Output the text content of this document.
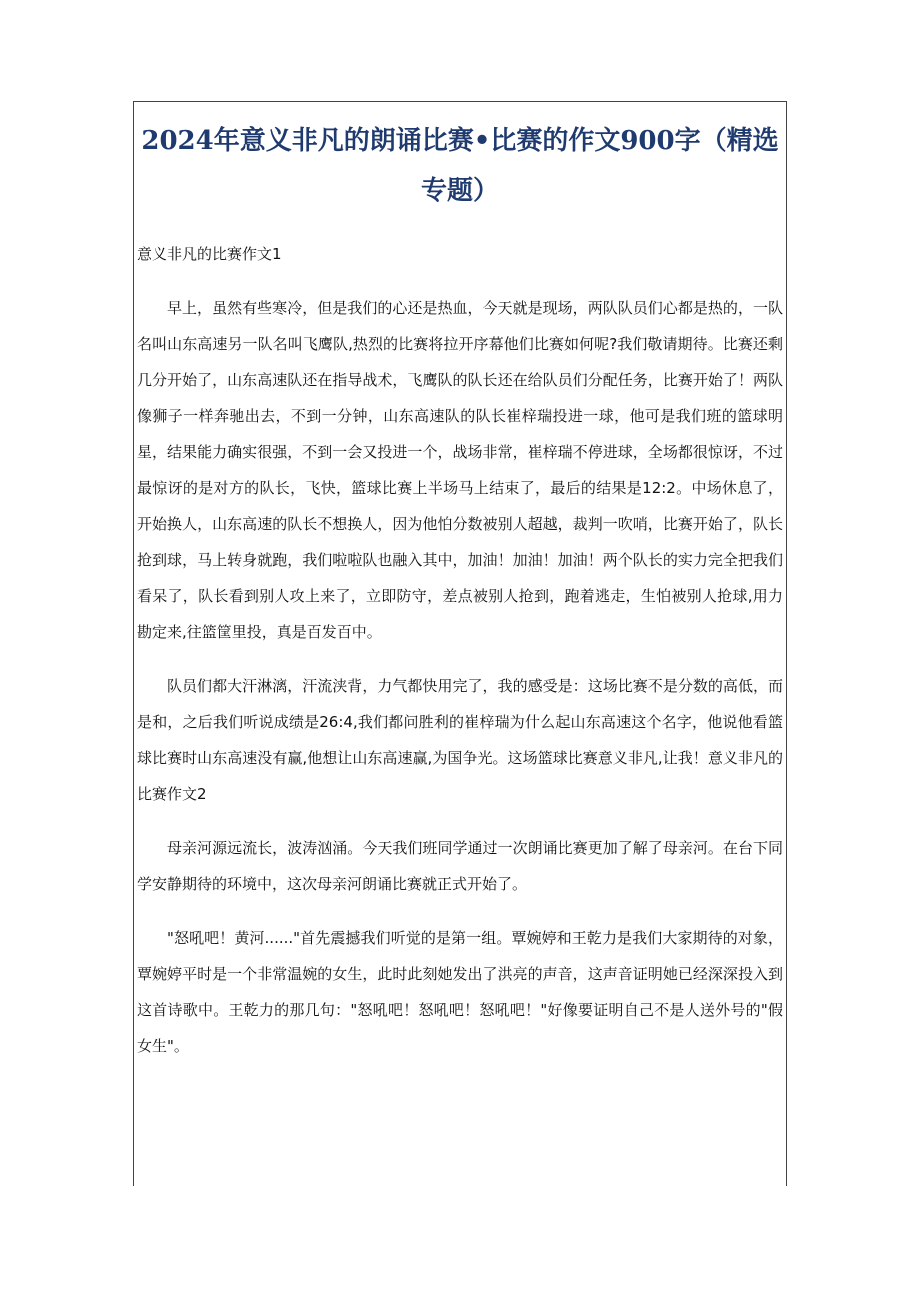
2024年意义非凡的朗诵比赛•比赛的作文900字（精选专题）

意义非凡的比赛作文1

早上，虽然有些寒冷，但是我们的心还是热血，今天就是现场，两队队员们心都是热的，一队名叫山东高速另一队名叫飞鹰队,热烈的比赛将拉开序幕他们比赛如何呢?我们敬请期待。比赛还剩几分开始了，山东高速队还在指导战术，飞鹰队的队长还在给队员们分配任务，比赛开始了！两队像狮子一样奔驰出去，不到一分钟，山东高速队的队长崔梓瑞投进一球，他可是我们班的篮球明星，结果能力确实很强，不到一会又投进一个，战场非常，崔梓瑞不停进球，全场都很惊讶，不过最惊讶的是对方的队长，飞快，篮球比赛上半场马上结束了，最后的结果是12:2。中场休息了，开始换人，山东高速的队长不想换人，因为他怕分数被别人超越，裁判一吹哨，比赛开始了，队长抢到球，马上转身就跑，我们啦啦队也融入其中，加油！加油！加油！两个队长的实力完全把我们看呆了，队长看到别人攻上来了，立即防守，差点被别人抢到，跑着逃走，生怕被别人抢球,用力勘定来,往篮筐里投，真是百发百中。

队员们都大汗淋漓，汗流浃背，力气都快用完了，我的感受是：这场比赛不是分数的高低，而是和，之后我们听说成绩是26:4,我们都问胜利的崔梓瑞为什么起山东高速这个名字，他说他看篮球比赛时山东高速没有赢,他想让山东高速赢,为国争光。这场篮球比赛意义非凡,让我！意义非凡的比赛作文2

母亲河源远流长，波涛汹涌。今天我们班同学通过一次朗诵比赛更加了解了母亲河。在台下同学安静期待的环境中，这次母亲河朗诵比赛就正式开始了。

"怒吼吧！黄河......"首先震撼我们听觉的是第一组。覃婉婷和王乾力是我们大家期待的对象，覃婉婷平时是一个非常温婉的女生，此时此刻她发出了洪亮的声音，这声音证明她已经深深投入到这首诗歌中。王乾力的那几句："怒吼吧！怒吼吧！怒吼吧！"好像要证明自己不是人送外号的"假女生"。
